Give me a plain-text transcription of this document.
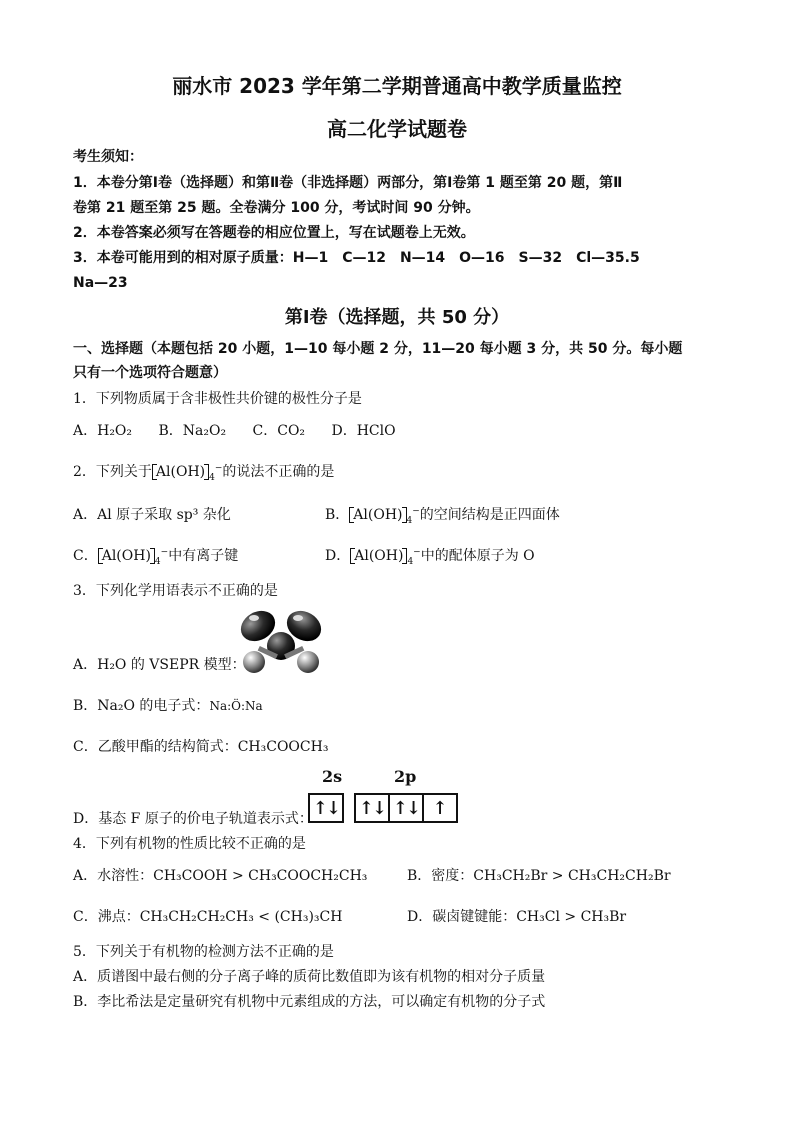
丽水市 2023 学年第二学期普通高中教学质量监控
高二化学试题卷
考生须知：
1．本卷分第Ⅰ卷（选择题）和第Ⅱ卷（非选择题）两部分，第Ⅰ卷第 1 题至第 20 题，第Ⅱ
卷第 21 题至第 25 题。全卷满分 100 分，考试时间 90 分钟。
2．本卷答案必须写在答题卷的相应位置上，写在试题卷上无效。
3．本卷可能用到的相对原子质量：H—1　C—12　N—14　O—16　S—32　Cl—35.5
Na—23
第Ⅰ卷（选择题，共 50 分）
一、选择题（本题包括 20 小题，1—10 每小题 2 分，11—20 每小题 3 分，共 50 分。每小题
只有一个选项符合题意）
1．下列物质属于含非极性共价键的极性分子是
A．H₂O₂ B．Na₂O₂ C．CO₂ D．HClO
2．下列关于 Al(OH) $_4$−的说法不正确的是
A．Al 原子采取 sp³ 杂化	B． Al(OH) $_4$−的空间结构是正四面体
C． Al(OH) $_4$−中有离子键	D． Al(OH) $_4$−中的配体原子为 O
3．下列化学用语表示不正确的是
A．H₂O 的 VSEPR 模型：
B．Na₂O 的电子式：Na:Ö:Na
C．乙酸甲酯的结构简式：CH₃COOCH₃
2s	2p
↑↓ ↑↓ ↑↓ ↑
D．基态 F 原子的价电子轨道表示式：
4．下列有机物的性质比较不正确的是
A．水溶性：CH₃COOH > CH₃COOCH₂CH₃	B．密度：CH₃CH₂Br > CH₃CH₂CH₂Br
C．沸点：CH₃CH₂CH₂CH₃ < (CH₃)₃CH	D．碳卤键键能：CH₃Cl > CH₃Br
5．下列关于有机物的检测方法不正确的是
A．质谱图中最右侧的分子离子峰的质荷比数值即为该有机物的相对分子质量
B．李比希法是定量研究有机物中元素组成的方法，可以确定有机物的分子式
